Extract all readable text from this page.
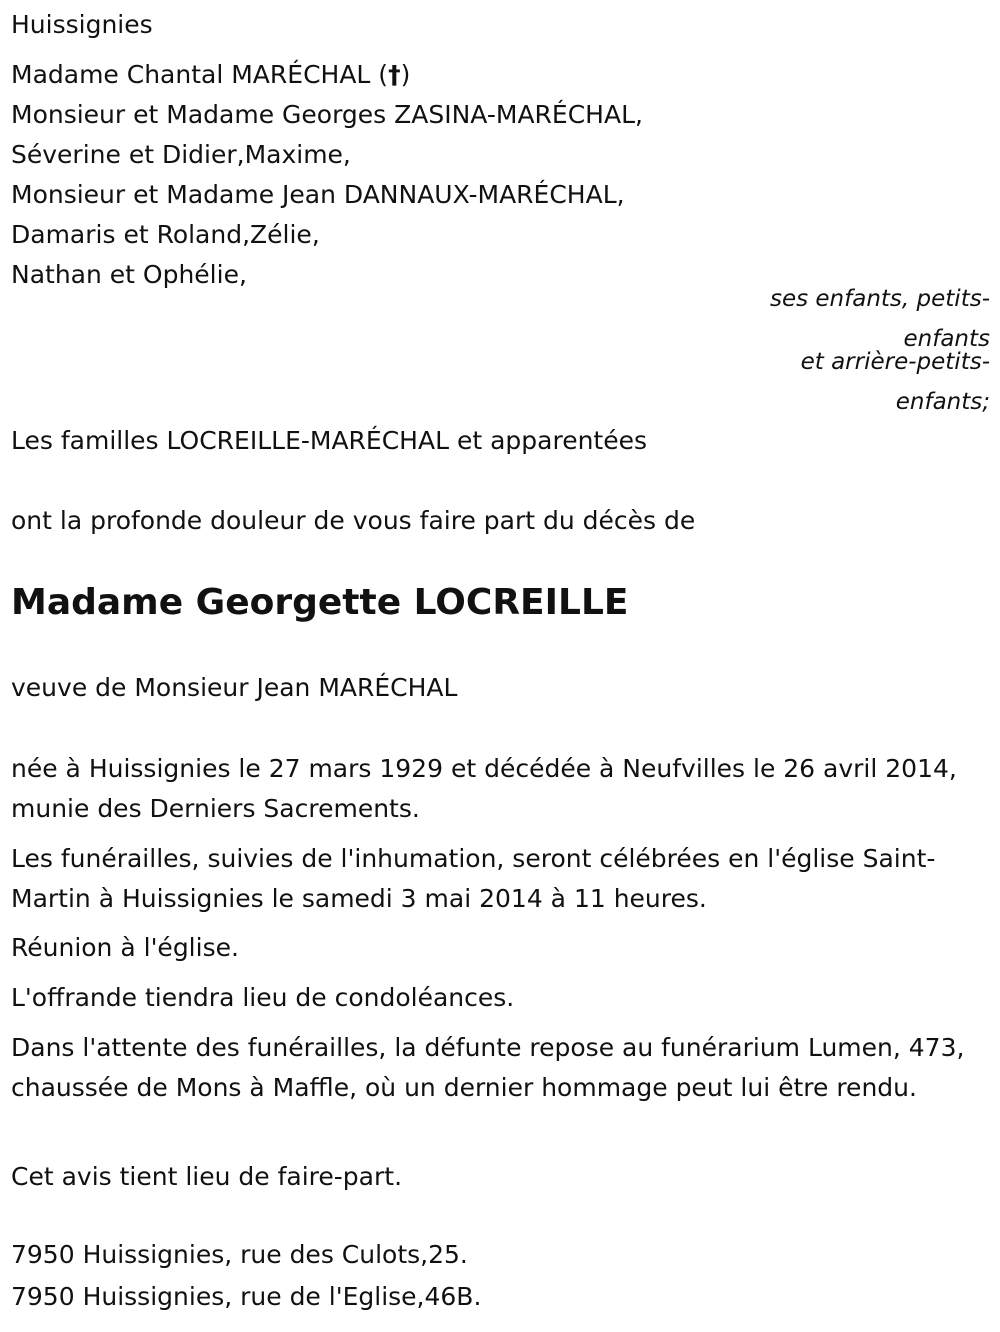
Huissignies
Madame Chantal MARÉCHAL (†)
Monsieur et Madame Georges ZASINA-MARÉCHAL,
Séverine et Didier,Maxime,
Monsieur et Madame Jean DANNAUX-MARÉCHAL,
Damaris et Roland,Zélie,
Nathan et Ophélie,
ses enfants, petits-
enfants
et arrière-petits-
enfants;
Les familles LOCREILLE-MARÉCHAL et apparentées
ont la profonde douleur de vous faire part du décès de
Madame Georgette LOCREILLE
veuve de Monsieur Jean MARÉCHAL
née à Huissignies le 27 mars 1929 et décédée à Neufvilles le 26 avril 2014, munie des Derniers Sacrements.
Les funérailles, suivies de l'inhumation, seront célébrées en l'église Saint-Martin à Huissignies le samedi 3 mai 2014 à 11 heures.
Réunion à l'église.
L'offrande tiendra lieu de condoléances.
Dans l'attente des funérailles, la défunte repose au funérarium Lumen, 473, chaussée de Mons à Maffle, où un dernier hommage peut lui être rendu.
Cet avis tient lieu de faire-part.
7950 Huissignies, rue des Culots,25.
7950 Huissignies, rue de l'Eglise,46B.
